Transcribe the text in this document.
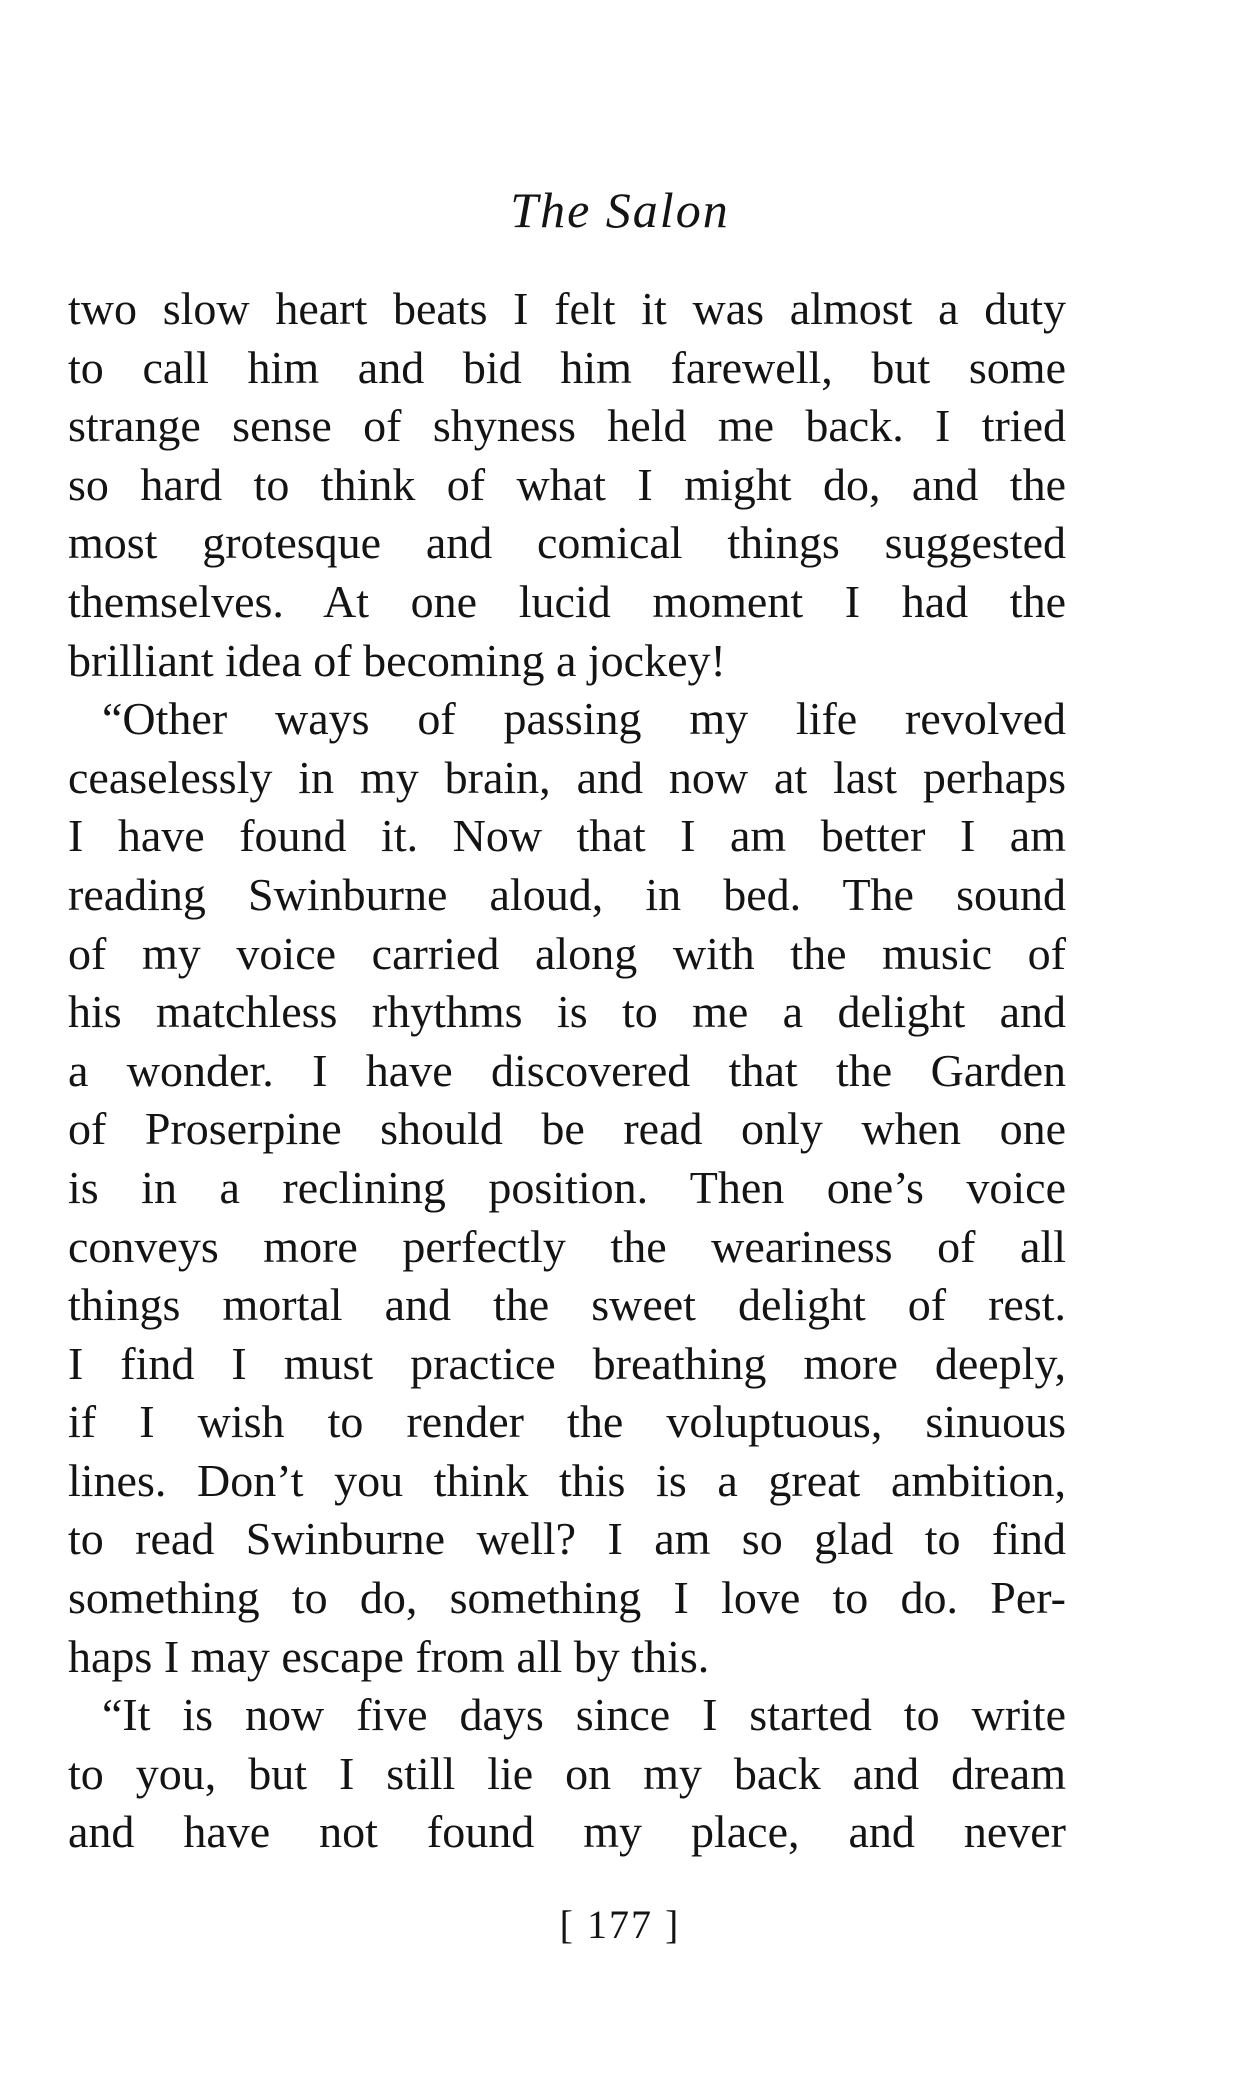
The Salon
two slow heart beats I felt it was almost a duty
to call him and bid him farewell, but some
strange sense of shyness held me back. I tried
so hard to think of what I might do, and the
most grotesque and comical things suggested
themselves. At one lucid moment I had the
brilliant idea of becoming a jockey!
“Other ways of passing my life revolved
ceaselessly in my brain, and now at last perhaps
I have found it. Now that I am better I am
reading Swinburne aloud, in bed. The sound
of my voice carried along with the music of
his matchless rhythms is to me a delight and
a wonder. I have discovered that the Garden
of Proserpine should be read only when one
is in a reclining position. Then one’s voice
conveys more perfectly the weariness of all
things mortal and the sweet delight of rest.
I find I must practice breathing more deeply,
if I wish to render the voluptuous, sinuous
lines. Don’t you think this is a great ambition,
to read Swinburne well? I am so glad to find
something to do, something I love to do. Per-
haps I may escape from all by this.
“It is now five days since I started to write
to you, but I still lie on my back and dream
and have not found my place, and never
[ 177 ]
